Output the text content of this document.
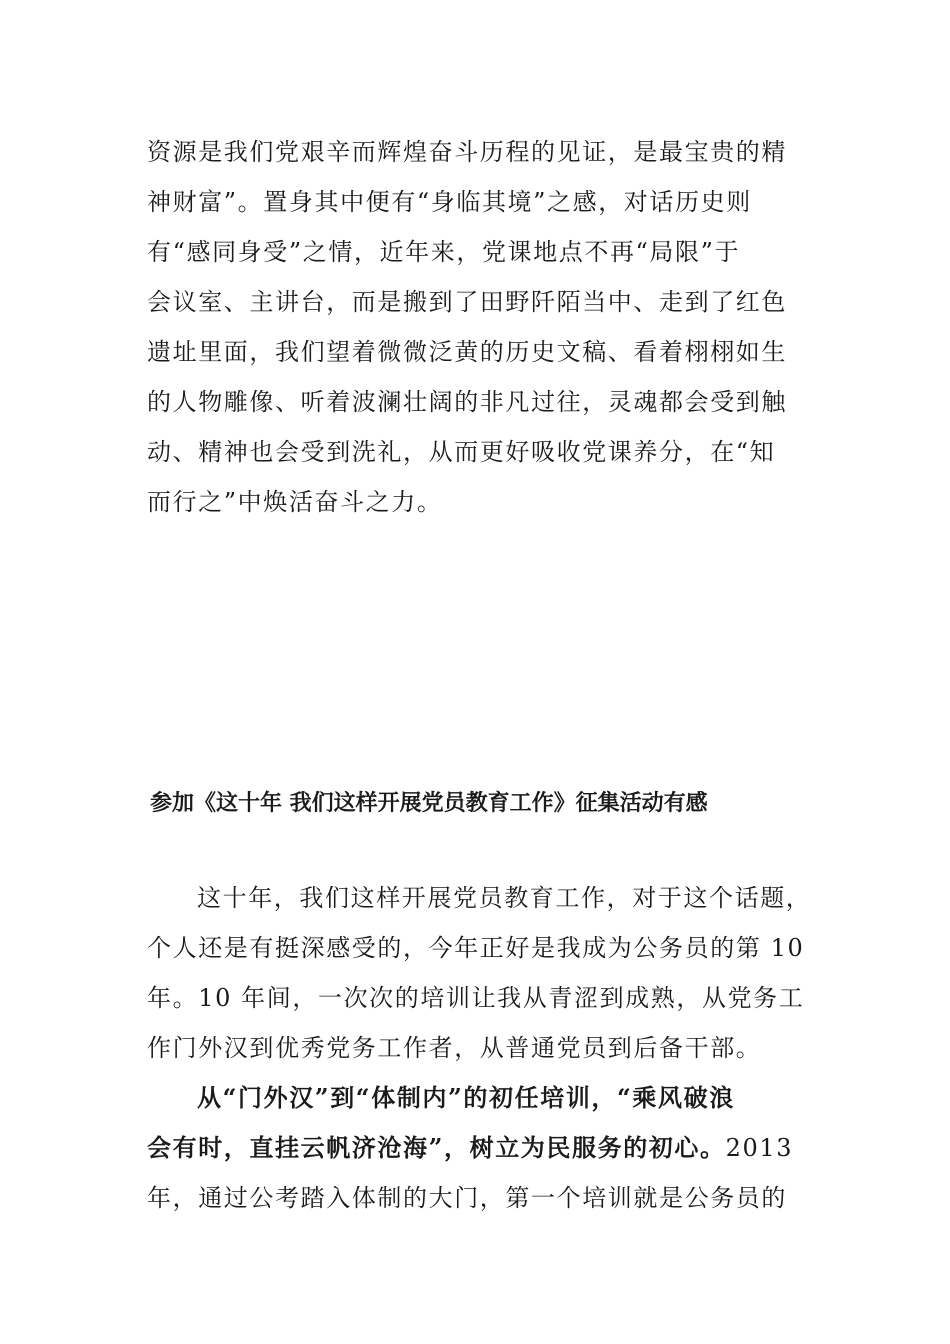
资源是我们党艰辛而辉煌奋斗历程的见证，是最宝贵的精
神财富”。置身其中便有“身临其境”之感，对话历史则
有“感同身受”之情，近年来，党课地点不再“局限”于
会议室、主讲台，而是搬到了田野阡陌当中、走到了红色
遗址里面，我们望着微微泛黄的历史文稿、看着栩栩如生
的人物雕像、听着波澜壮阔的非凡过往，灵魂都会受到触
动、精神也会受到洗礼，从而更好吸收党课养分，在“知
而行之”中焕活奋斗之力。
参加《这十年 我们这样开展党员教育工作》征集活动有感
这十年，我们这样开展党员教育工作，对于这个话题，
个人还是有挺深感受的，今年正好是我成为公务员的第 10
年。10 年间，一次次的培训让我从青涩到成熟，从党务工
作门外汉到优秀党务工作者，从普通党员到后备干部。
从“门外汉”到“体制内”的初任培训，“乘风破浪
会有时，直挂云帆济沧海”，树立为民服务的初心。2013
年，通过公考踏入体制的大门，第一个培训就是公务员的
